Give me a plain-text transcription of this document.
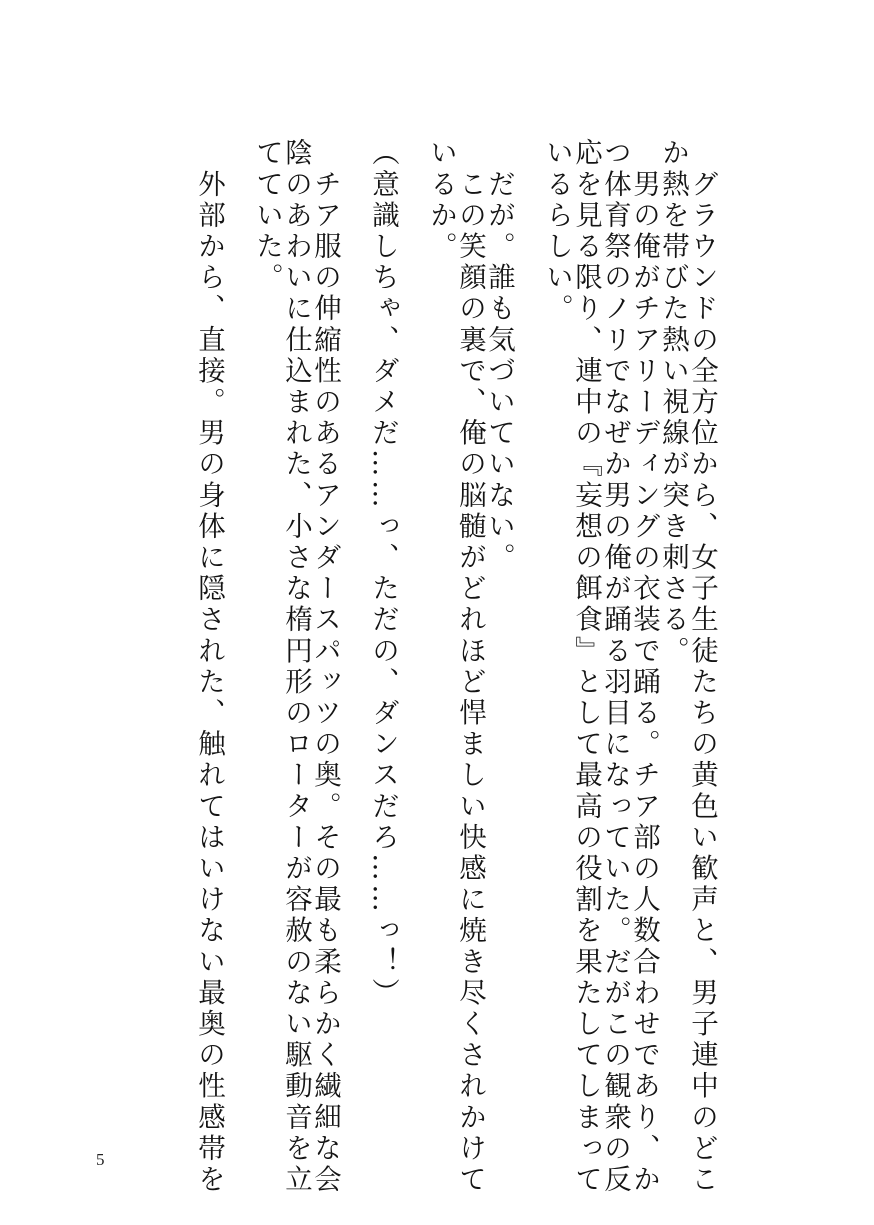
　グラウンドの全方位から、女子生徒たちの黄色い歓声と、男子連中のどこ
か熱を帯びた熱い視線が突き刺さる。
　男の俺がチアリーディングの衣装で踊る。チア部の人数合わせであり、か
つ体育祭のノリでなぜか男の俺が踊る羽目になっていた。だがこの観衆の反
応を見る限り、連中の『妄想の餌食』として最高の役割を果たしてしまって
いるらしい。
　だが。誰も気づいていない。
　この笑顔の裏で、俺の脳髄がどれほど悍ましい快感に焼き尽くされかけて
いるか。
（意識しちゃ、ダメだ……っ、ただの、ダンスだろ……っ！）
　チア服の伸縮性のあるアンダースパッツの奥。その最も柔らかく繊細な会
陰のあわいに仕込まれた、小さな楕円形のローターが容赦のない駆動音を立
てていた。
　外部から、直接。男の身体に隠された、触れてはいけない最奥の性感帯を
5
